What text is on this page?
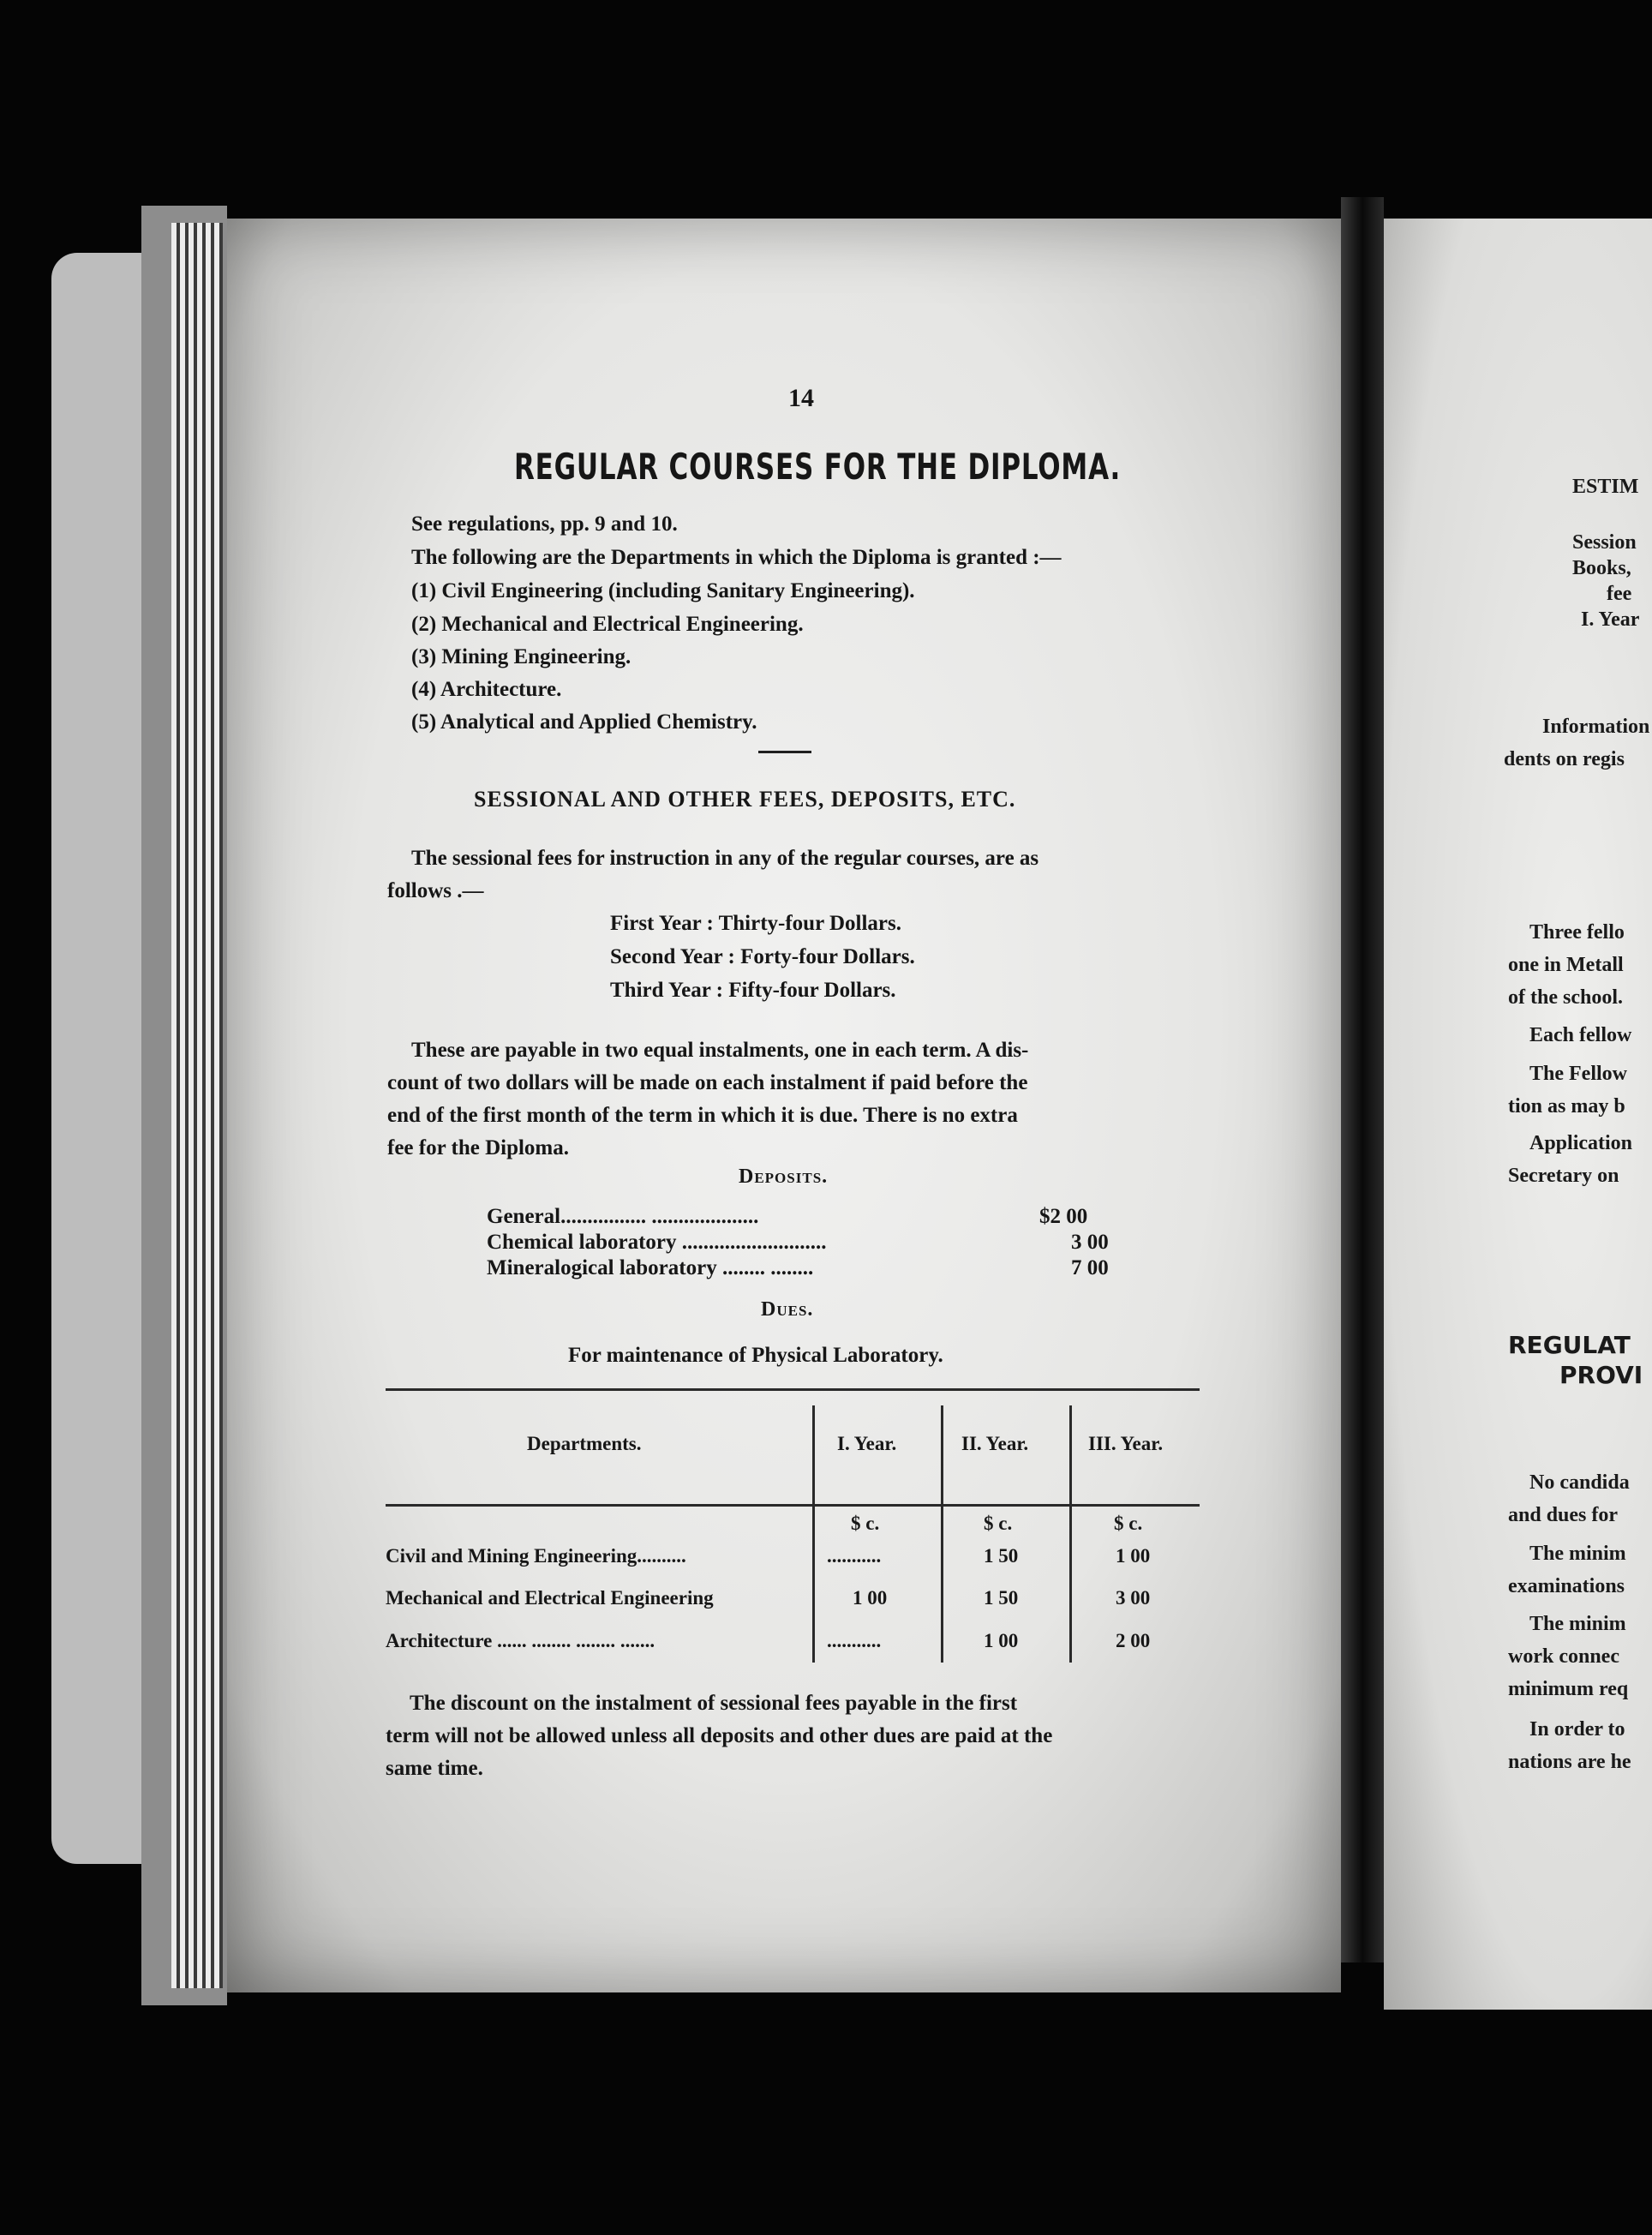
ESTIM
Session
Books,
fee
I. Year
Information
dents on regis
Three fello
one in Metall
of the school.
Each fellow
The Fellow
tion as may b
Application
Secretary on
REGULAT
PROVI
No candida
and dues for
The minim
examinations
The minim
work connec
minimum req
In order to
nations are he
14
REGULAR COURSES FOR THE DIPLOMA.
See regulations, pp. 9 and 10.
The following are the Departments in which the Diploma is granted :—
(1) Civil Engineering (including Sanitary Engineering).
(2) Mechanical and Electrical Engineering.
(3) Mining Engineering.
(4) Architecture.
(5) Analytical and Applied Chemistry.
SESSIONAL AND OTHER FEES, DEPOSITS, ETC.
The sessional fees for instruction in any of the regular courses, are as
follows .—
First Year : Thirty-four Dollars.
Second Year : Forty-four Dollars.
Third Year : Fifty-four Dollars.
These are payable in two equal instalments, one in each term. A dis-
count of two dollars will be made on each instalment if paid before the
end of the first month of the term in which it is due. There is no extra
fee for the Diploma.
Deposits.
General................ ....................	$2 00
Chemical laboratory ...........................	3 00
Mineralogical laboratory ........ ........	7 00
Dues.
For maintenance of Physical Laboratory.
Departments.	I. Year.	II. Year.	III. Year.
$ c.	$ c.	$ c.
Civil and Mining Engineering..........	...........	1 50	1 00
Mechanical and Electrical Engineering	1 00	1 50	3 00
Architecture ...... ........ ........ .......	...........	1 00	2 00
The discount on the instalment of sessional fees payable in the first
term will not be allowed unless all deposits and other dues are paid at the
same time.
